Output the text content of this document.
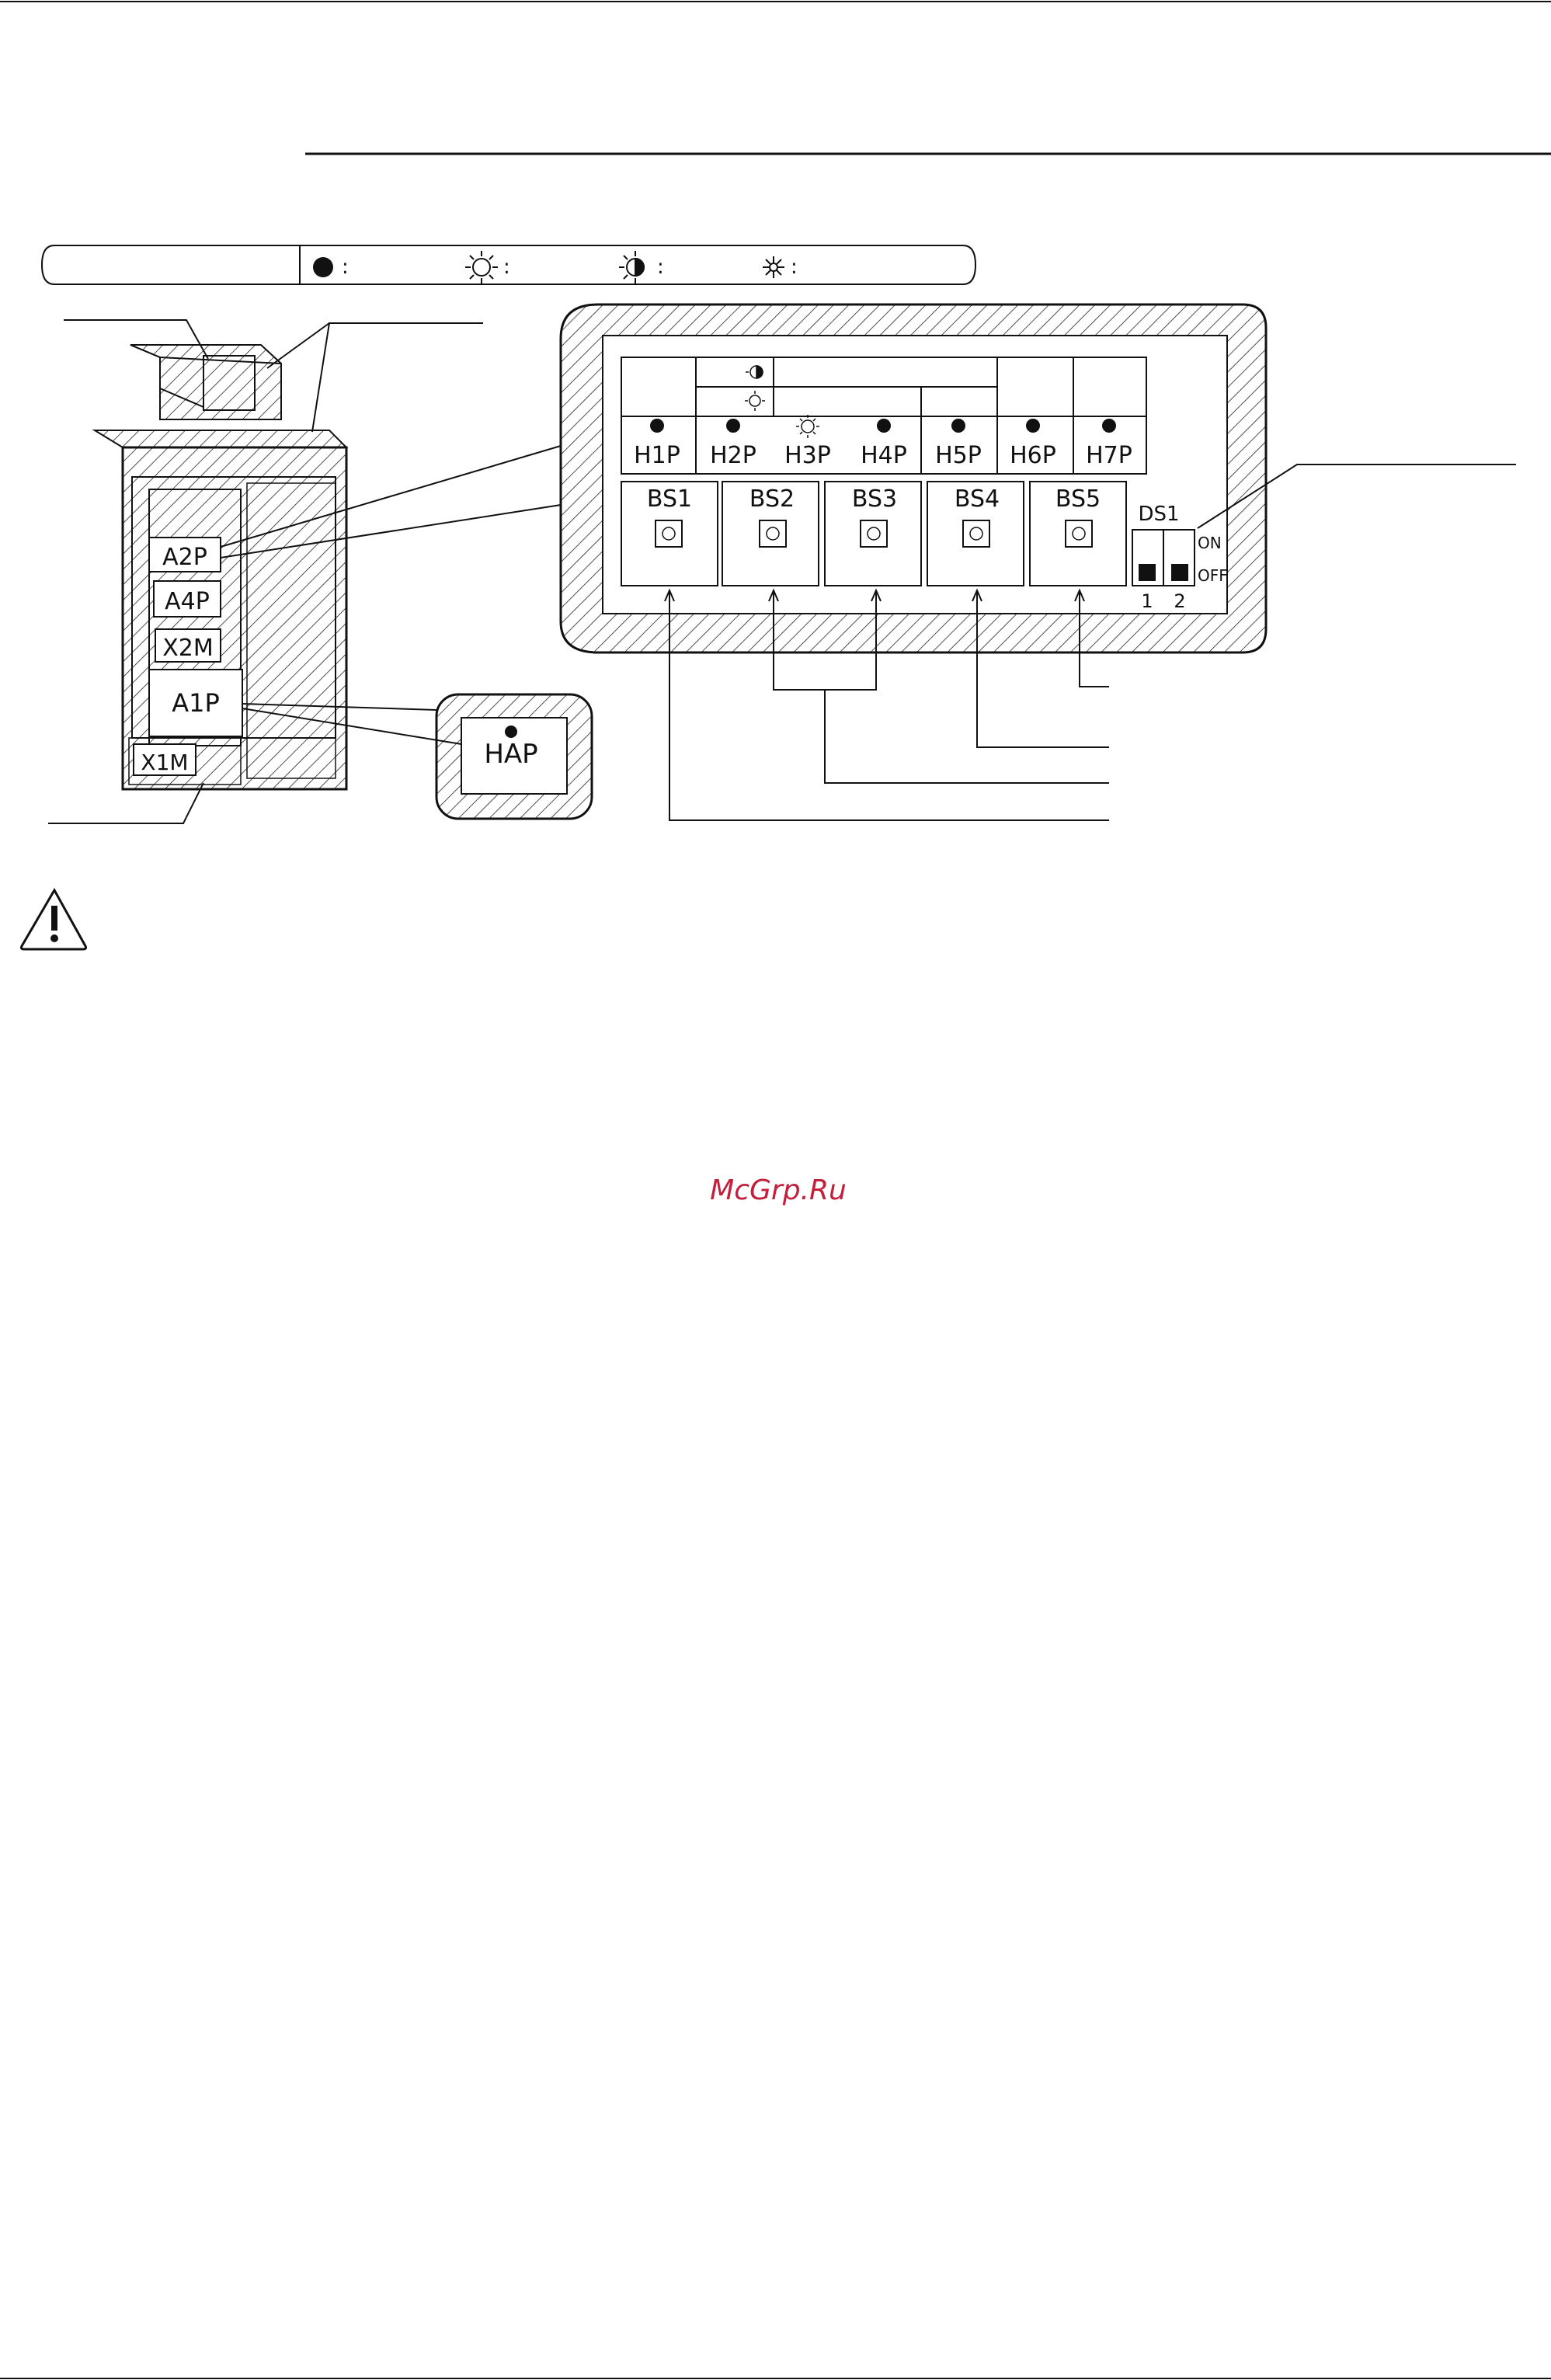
:	:	:	:
A2P
A4P
X2M
A1P
X1M	HAP
H1P H2P H3P H4P H5P H6P H7P
BS1 BS2 BS3 BS4 BS5
DS1
ON
OFF
1 2
McGrp.Ru
